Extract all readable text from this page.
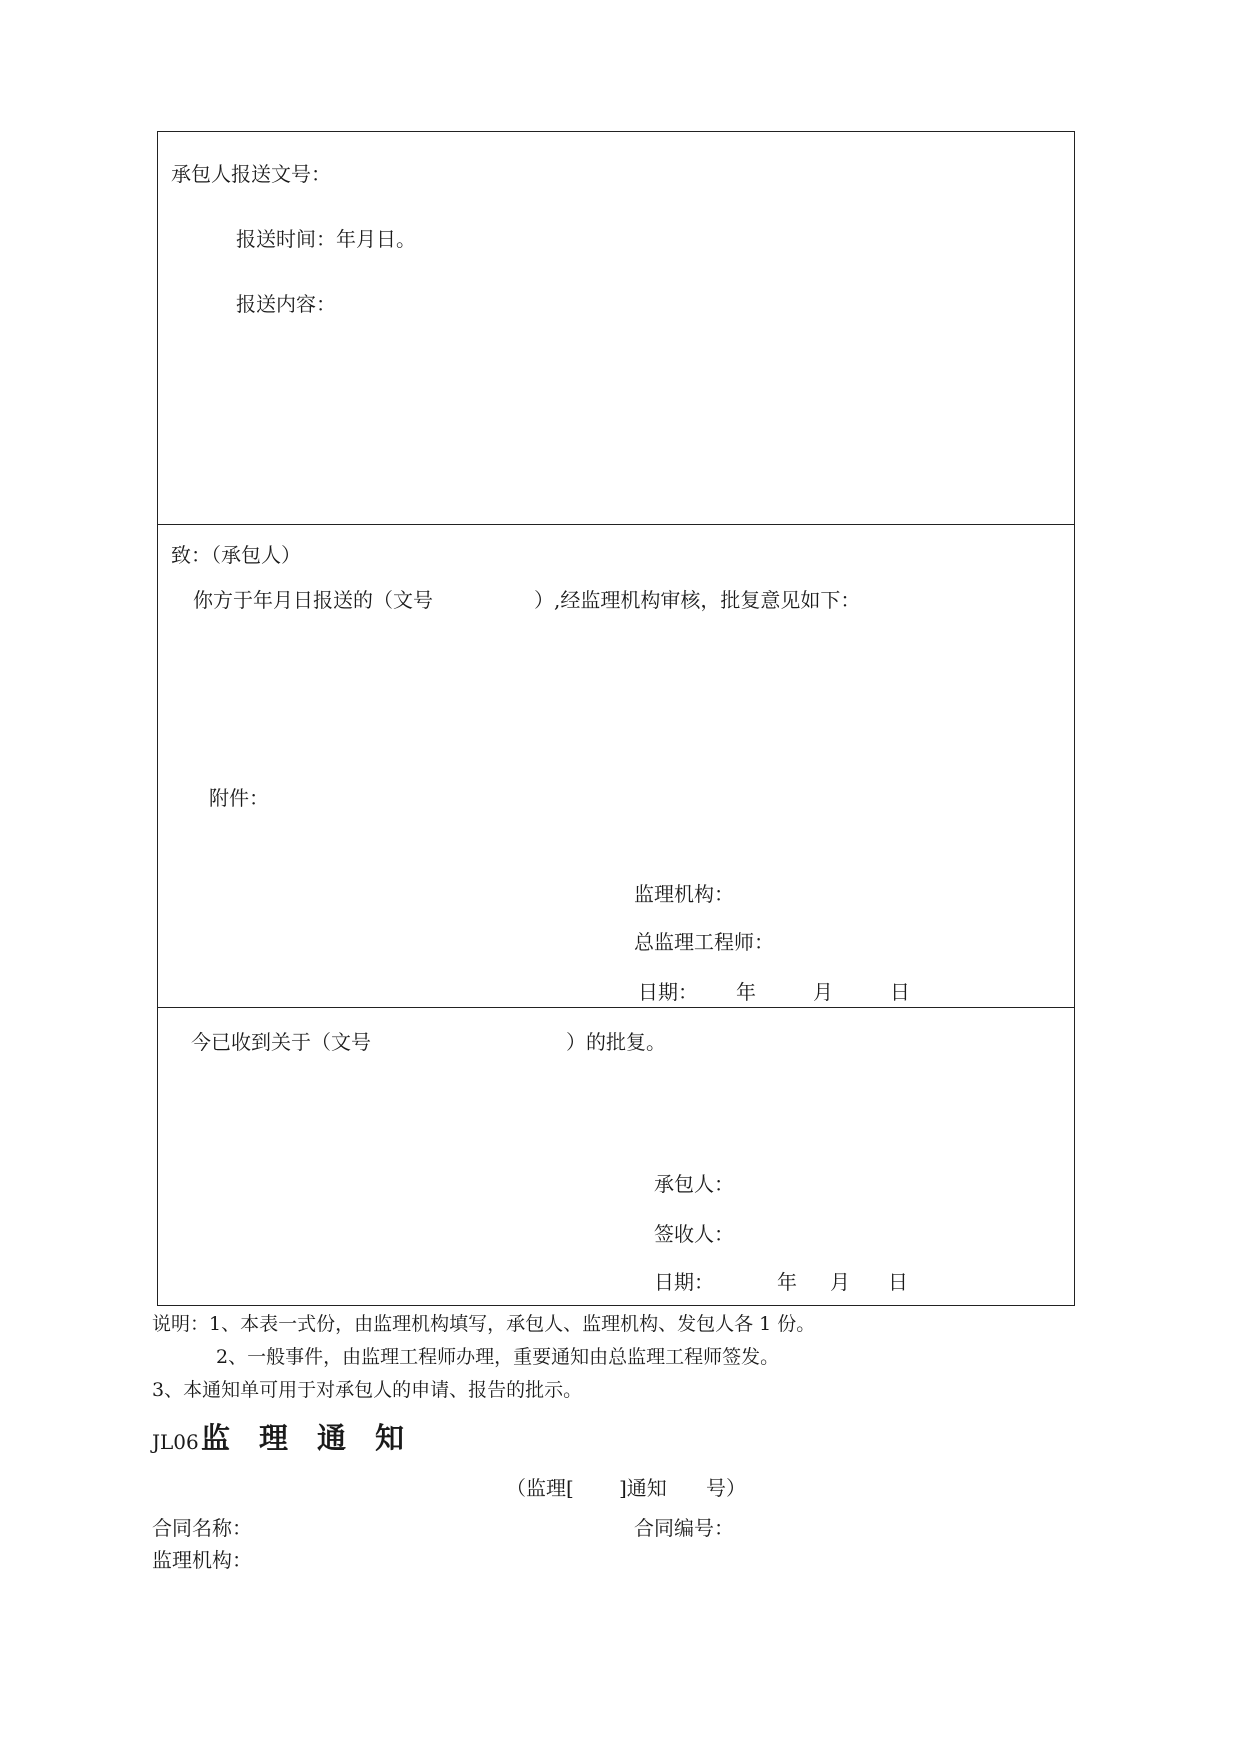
承包人报送文号：
报送时间：年月日。
报送内容：
致：（承包人）
你方于年月日报送的（文号	）,经监理机构审核，批复意见如下：
附件：
监理机构：
总监理工程师：
日期： 年	月	日
今已收到关于（文号	）的批复。
承包人：
签收人：
日期：	年 月 日
说明：1、本表一式份，由监理机构填写，承包人、监理机构、发包人各 1 份。
2、一般事件，由监理工程师办理，重要通知由总监理工程师签发。
3、本通知单可用于对承包人的申请、报告的批示。
JL06 监　理　通　知
（监理[ ]通知 号）
合同名称：	合同编号：
监理机构：
